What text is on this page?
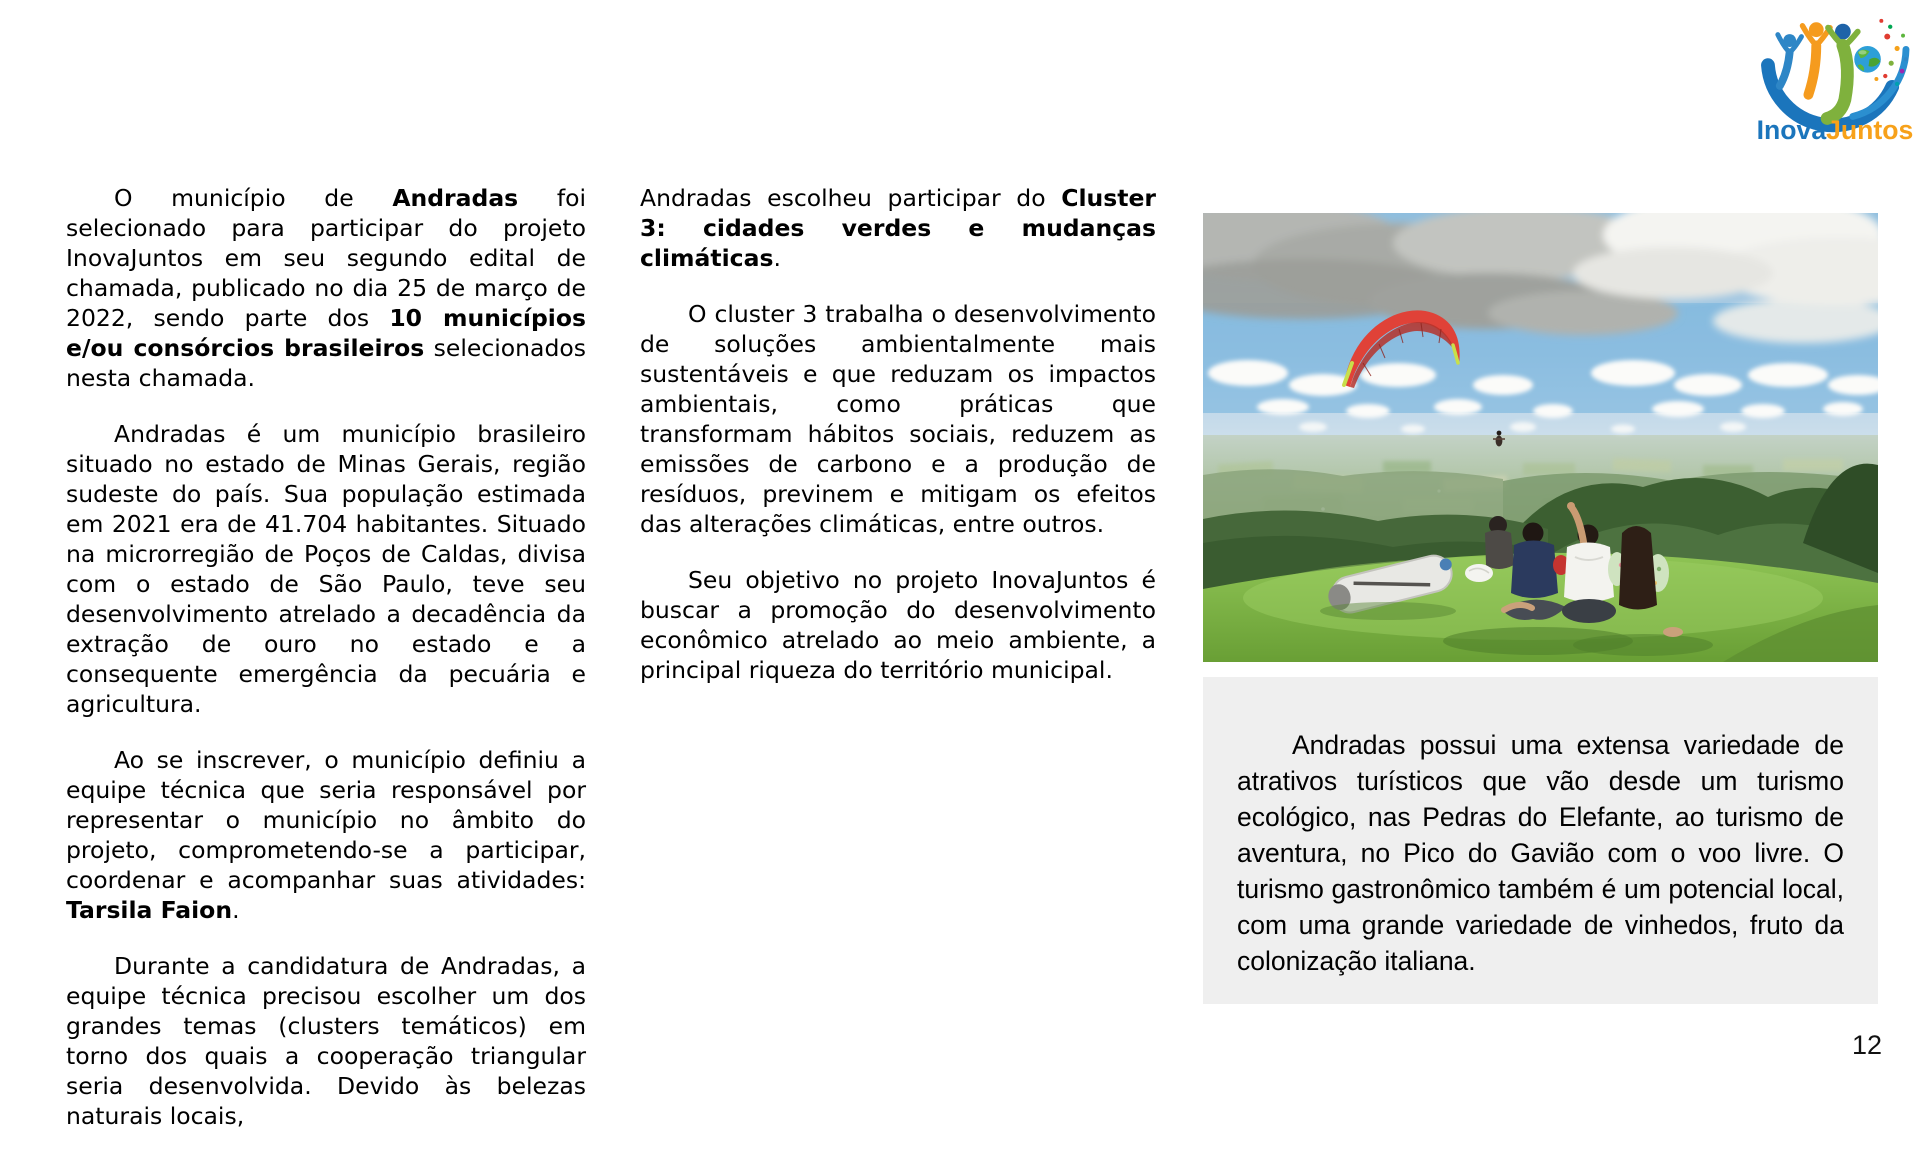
InovaJuntos

O município de Andradas foi selecionado para participar do projeto InovaJuntos em seu segundo edital de chamada, publicado no dia 25 de março de 2022, sendo parte dos 10 municípios e/ou consórcios brasileiros selecionados nesta chamada.

Andradas é um município brasileiro situado no estado de Minas Gerais, região sudeste do país. Sua população estimada em 2021 era de 41.704 habitantes. Situado na microrregião de Poços de Caldas, divisa com o estado de São Paulo, teve seu desenvolvimento atrelado a decadência da extração de ouro no estado e a consequente emergência da pecuária e agricultura.

Ao se inscrever, o município definiu a equipe técnica que seria responsável por representar o município no âmbito do projeto, comprometendo-se a participar, coordenar e acompanhar suas atividades: Tarsila Faion.

Durante a candidatura de Andradas, a equipe técnica precisou escolher um dos grandes temas (clusters temáticos) em torno dos quais a cooperação triangular seria desenvolvida. Devido às belezas naturais locais,

Andradas escolheu participar do Cluster 3: cidades verdes e mudanças climáticas.

O cluster 3 trabalha o desenvolvimento de soluções ambientalmente mais sustentáveis e que reduzam os impactos ambientais, como práticas que transformam hábitos sociais, reduzem as emissões de carbono e a produção de resíduos, previnem e mitigam os efeitos das alterações climáticas, entre outros.

Seu objetivo no projeto InovaJuntos é buscar a promoção do desenvolvimento econômico atrelado ao meio ambiente, a principal riqueza do território municipal.

Andradas possui uma extensa variedade de atrativos turísticos que vão desde um turismo ecológico, nas Pedras do Elefante, ao turismo de aventura, no Pico do Gavião com o voo livre. O turismo gastronômico também é um potencial local, com uma grande variedade de vinhedos, fruto da colonização italiana.

12
